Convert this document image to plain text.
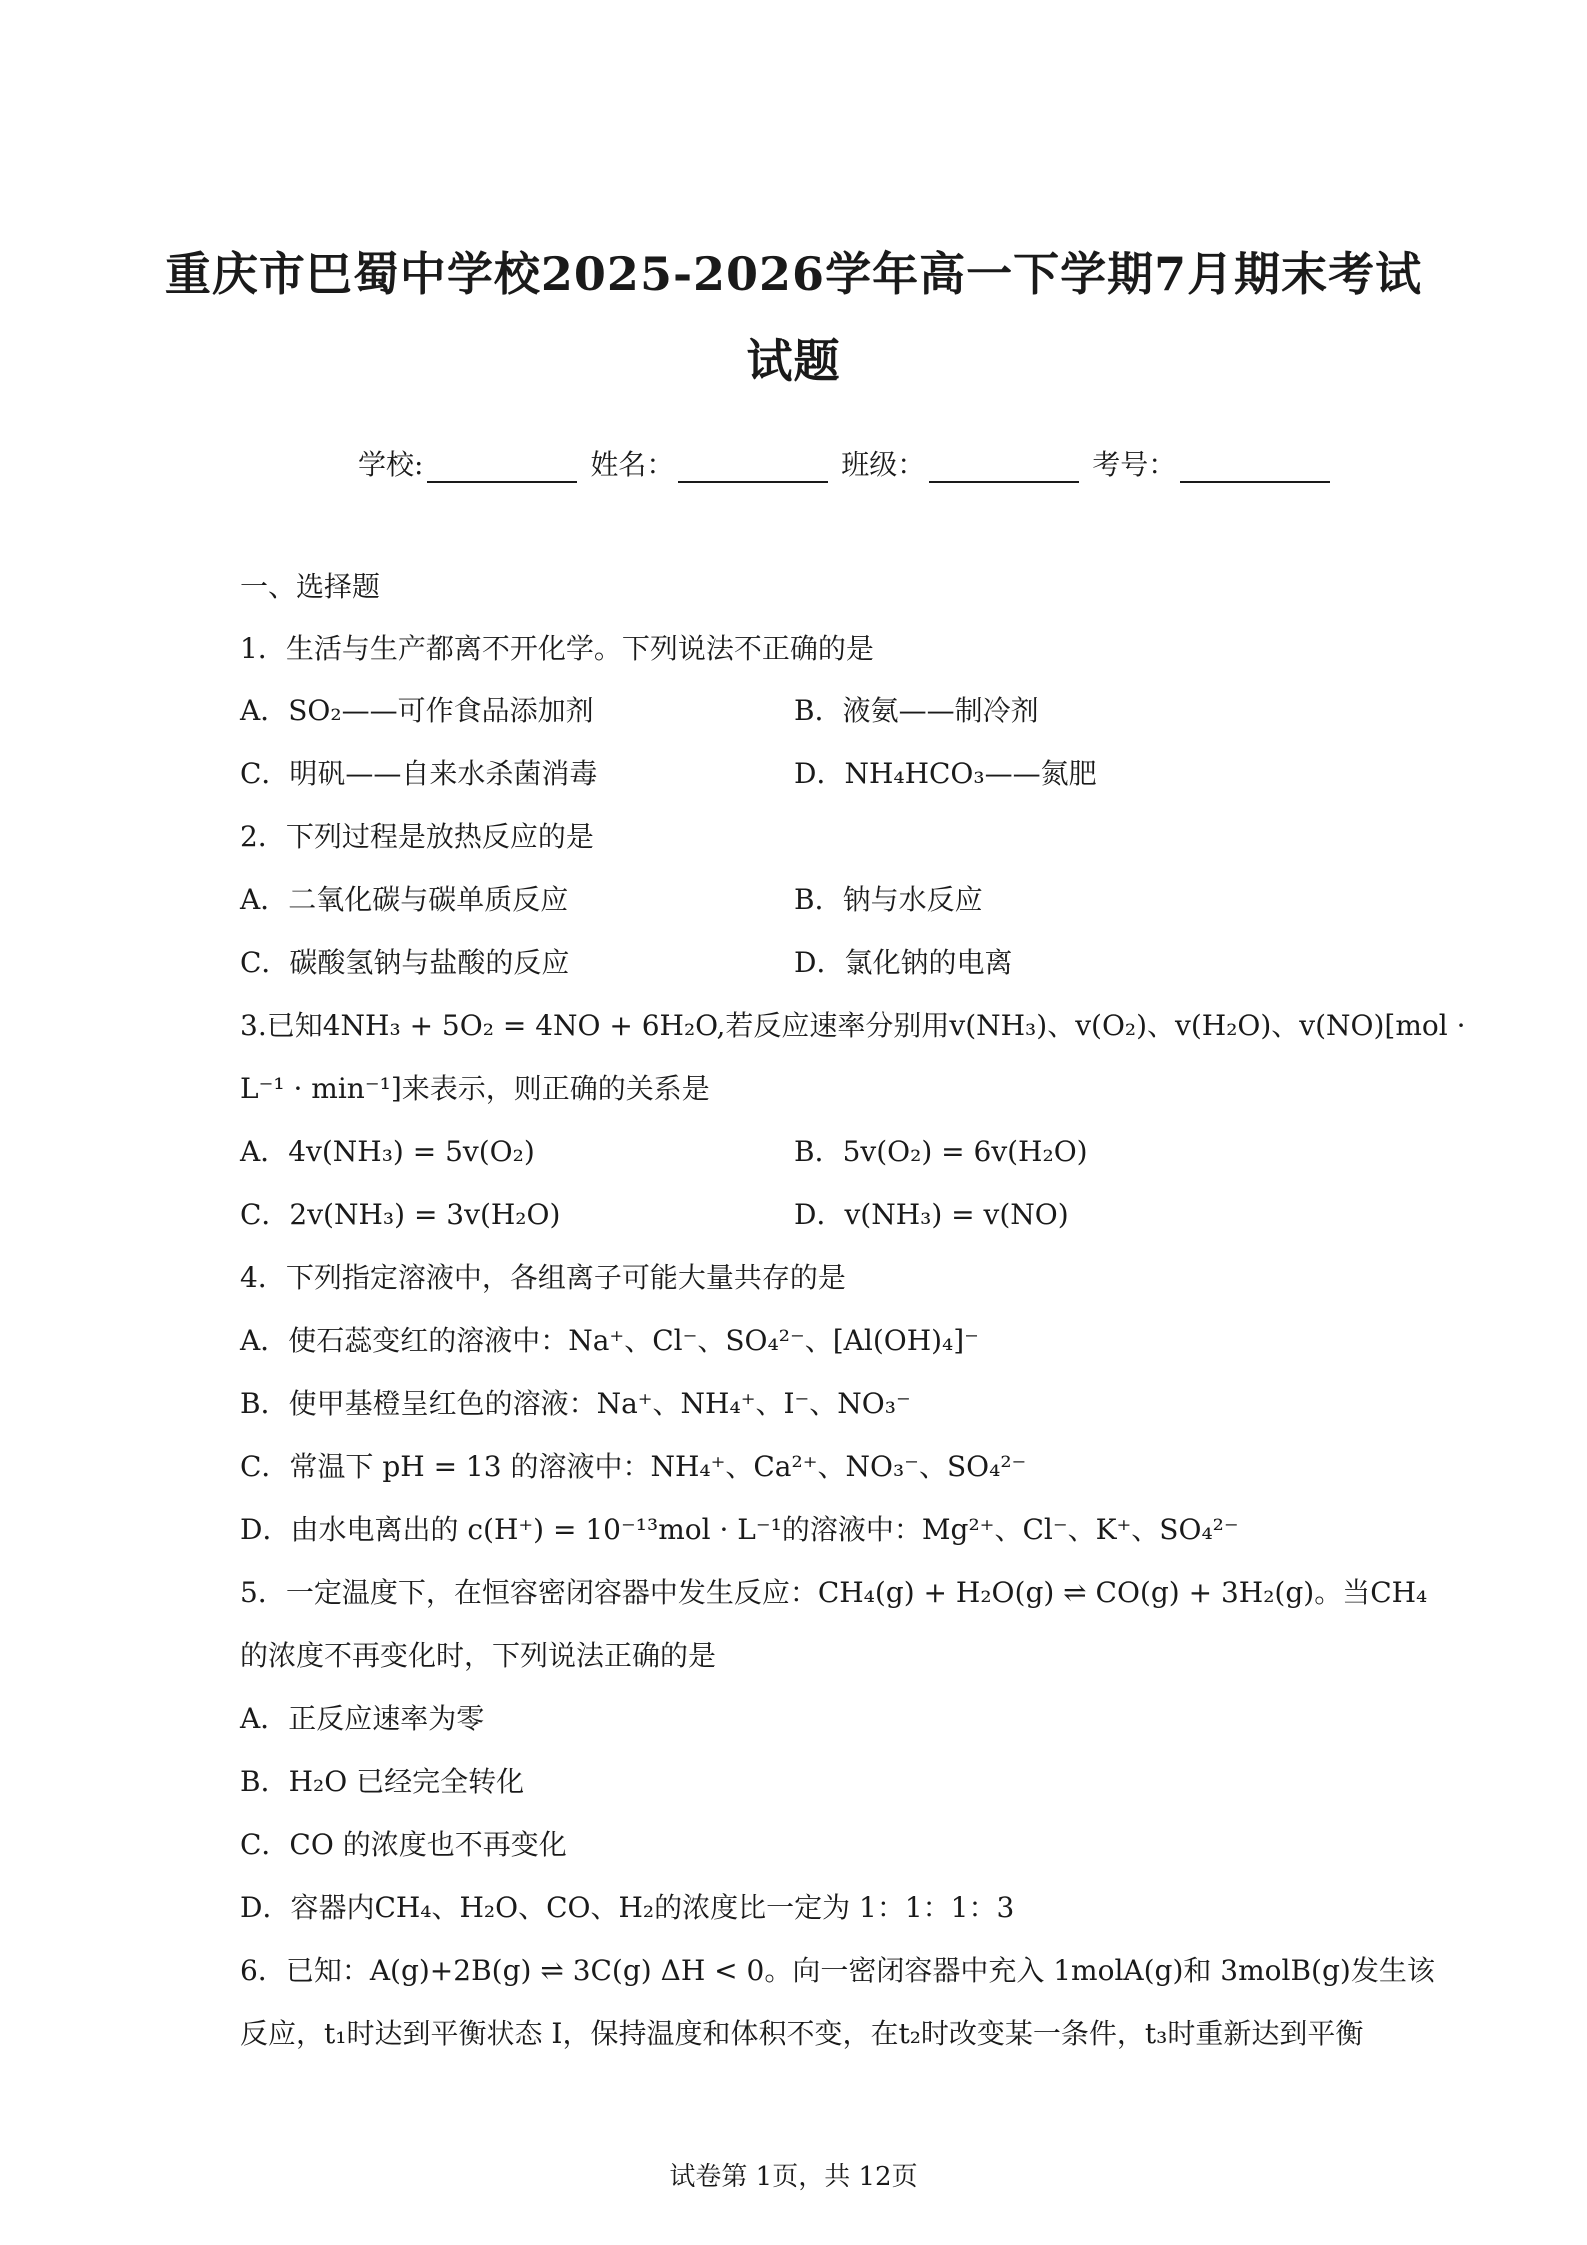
重庆市巴蜀中学校2025-2026学年高一下学期7月期末考试
试题
学校:	姓名：	班级：	考号：
一、选择题
1．生活与生产都离不开化学。下列说法不正确的是
A．SO₂——可作食品添加剂	B．液氨——制冷剂
C．明矾——自来水杀菌消毒	D．NH₄HCO₃——氮肥
2．下列过程是放热反应的是
A．二氧化碳与碳单质反应	B．钠与水反应
C．碳酸氢钠与盐酸的反应	D．氯化钠的电离
3.已知4NH₃ + 5O₂ = 4NO + 6H₂O,若反应速率分别用v(NH₃)、v(O₂)、v(H₂O)、v(NO)[mol ·
L⁻¹ · min⁻¹]来表示，则正确的关系是
A．4v(NH₃) = 5v(O₂)	B．5v(O₂) = 6v(H₂O)
C．2v(NH₃) = 3v(H₂O)	D．v(NH₃) = v(NO)
4．下列指定溶液中，各组离子可能大量共存的是
A．使石蕊变红的溶液中：Na⁺、Cl⁻、SO₄²⁻、[Al(OH)₄]⁻
B．使甲基橙呈红色的溶液：Na⁺、NH₄⁺、I⁻、NO₃⁻
C．常温下 pH = 13 的溶液中：NH₄⁺、Ca²⁺、NO₃⁻、SO₄²⁻
D．由水电离出的 c(H⁺) = 10⁻¹³mol · L⁻¹的溶液中：Mg²⁺、Cl⁻、K⁺、SO₄²⁻
5．一定温度下，在恒容密闭容器中发生反应：CH₄(g) + H₂O(g) ⇌ CO(g) + 3H₂(g)。当CH₄
的浓度不再变化时，下列说法正确的是
A．正反应速率为零
B．H₂O 已经完全转化
C．CO 的浓度也不再变化
D．容器内CH₄、H₂O、CO、H₂的浓度比一定为 1：1：1：3
6．已知：A(g)+2B(g) ⇌ 3C(g) ΔH < 0。向一密闭容器中充入 1molA(g)和 3molB(g)发生该
反应，t₁时达到平衡状态 I，保持温度和体积不变，在t₂时改变某一条件，t₃时重新达到平衡
试卷第 1页，共 12页
